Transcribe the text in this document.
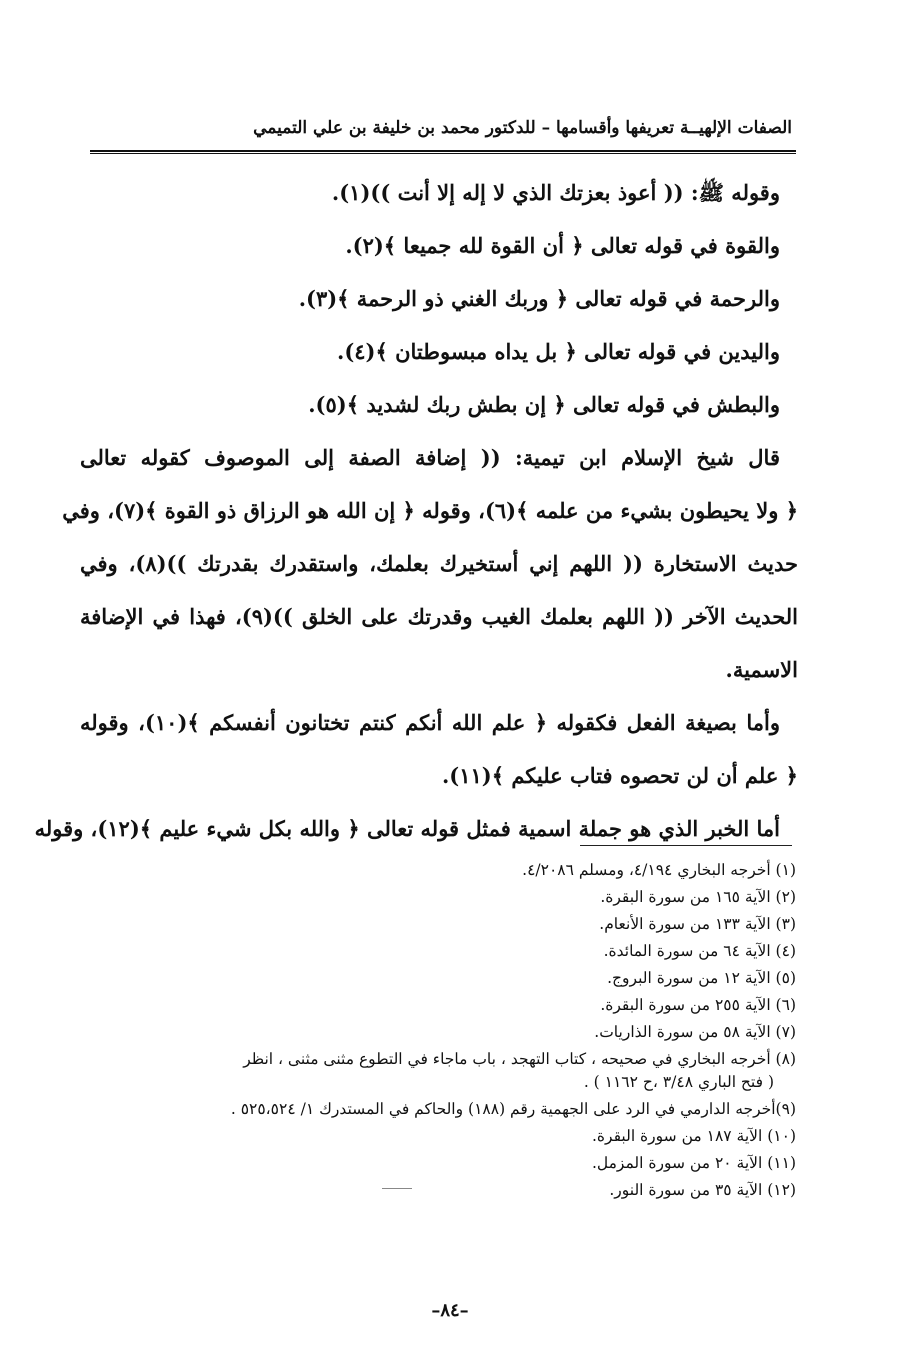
الصفات الإلهيــة تعريفها وأقسامها – للدكتور محمد بن خليفة بن علي التميمي
وقوله ﷺ: (( أعوذ بعزتك الذي لا إله إلا أنت ))(١).
والقوة في قوله تعالى ﴿ أن القوة لله جميعا ﴾(٢).
والرحمة في قوله تعالى ﴿ وربك الغني ذو الرحمة ﴾(٣).
واليدين في قوله تعالى ﴿ بل يداه مبسوطتان ﴾(٤).
والبطش في قوله تعالى ﴿ إن بطش ربك لشديد ﴾(٥).
قال شيخ الإسلام ابن تيمية: (( إضافة الصفة إلى الموصوف كقوله تعالى
﴿ ولا يحيطون بشيء من علمه ﴾(٦)، وقوله ﴿ إن الله هو الرزاق ذو القوة ﴾(٧)، وفي
حديث الاستخارة (( اللهم إني أستخيرك بعلمك، واستقدرك بقدرتك ))(٨)، وفي
الحديث الآخر (( اللهم بعلمك الغيب وقدرتك على الخلق ))(٩)، فهذا في الإضافة
الاسمية.
وأما بصيغة الفعل فكقوله ﴿ علم الله أنكم كنتم تختانون أنفسكم ﴾(١٠)، وقوله
﴿ علم أن لن تحصوه فتاب عليكم ﴾(١١).
أما الخبر الذي هو جملة اسمية فمثل قوله تعالى ﴿ والله بكل شيء عليم ﴾(١٢)، وقوله
(١) أخرجه البخاري ٤/١٩٤، ومسلم ٤/٢٠٨٦.
(٢) الآية ١٦٥ من سورة البقرة.
(٣) الآية ١٣٣ من سورة الأنعام.
(٤) الآية ٦٤ من سورة المائدة.
(٥) الآية ١٢ من سورة البروج.
(٦) الآية ٢٥٥ من سورة البقرة.
(٧) الآية ٥٨ من سورة الذاريات.
(٨) أخرجه البخاري في صحيحه ، كتاب التهجد ، باب ماجاء في التطوع مثنى مثنى ، انظر
( فتح الباري ٣/٤٨ ،ح ١١٦٢ ) .
(٩)أخرجه الدارمي في الرد على الجهمية رقم (١٨٨) والحاكم في المستدرك ١/ ٥٢٥،٥٢٤ .
(١٠) الآية ١٨٧ من سورة البقرة.
(١١) الآية ٢٠ من سورة المزمل.
(١٢) الآية ٣٥ من سورة النور.
–٨٤–
